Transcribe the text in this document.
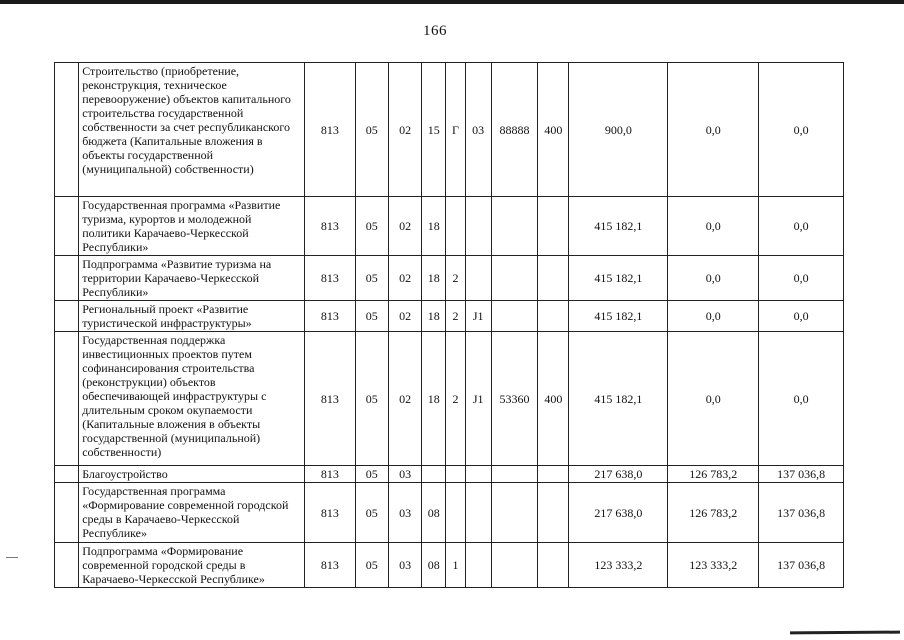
166
	Строительство (приобретение, реконструкция, техническое перевооружение) объектов капитального строительства государственной собственности за счет республиканского бюджета (Капитальные вложения в объекты государственной (муниципальной) собственности)	813	05	02	15	Г	03	88888	400	900,0	0,0	0,0
	Государственная программа «Развитие туризма, курортов и молодежной политики Карачаево-Черкесской Республики»	813	05	02	18					415 182,1	0,0	0,0
	Подпрограмма «Развитие туризма на территории Карачаево-Черкесской Республики»	813	05	02	18	2				415 182,1	0,0	0,0
	Региональный проект «Развитие туристической инфраструктуры»	813	05	02	18	2	J1			415 182,1	0,0	0,0
	Государственная поддержка инвестиционных проектов путем софинансирования строительства (реконструкции) объектов обеспечивающей инфраструктуры с длительным сроком окупаемости (Капитальные вложения в объекты государственной (муниципальной) собственности)	813	05	02	18	2	J1	53360	400	415 182,1	0,0	0,0
	Благоустройство	813	05	03						217 638,0	126 783,2	137 036,8
	Государственная программа «Формирование современной городской среды в Карачаево-Черкесской Республике»	813	05	03	08					217 638,0	126 783,2	137 036,8
	Подпрограмма «Формирование современной городской среды в Карачаево-Черкесской Республике»	813	05	03	08	1				123 333,2	123 333,2	137 036,8
